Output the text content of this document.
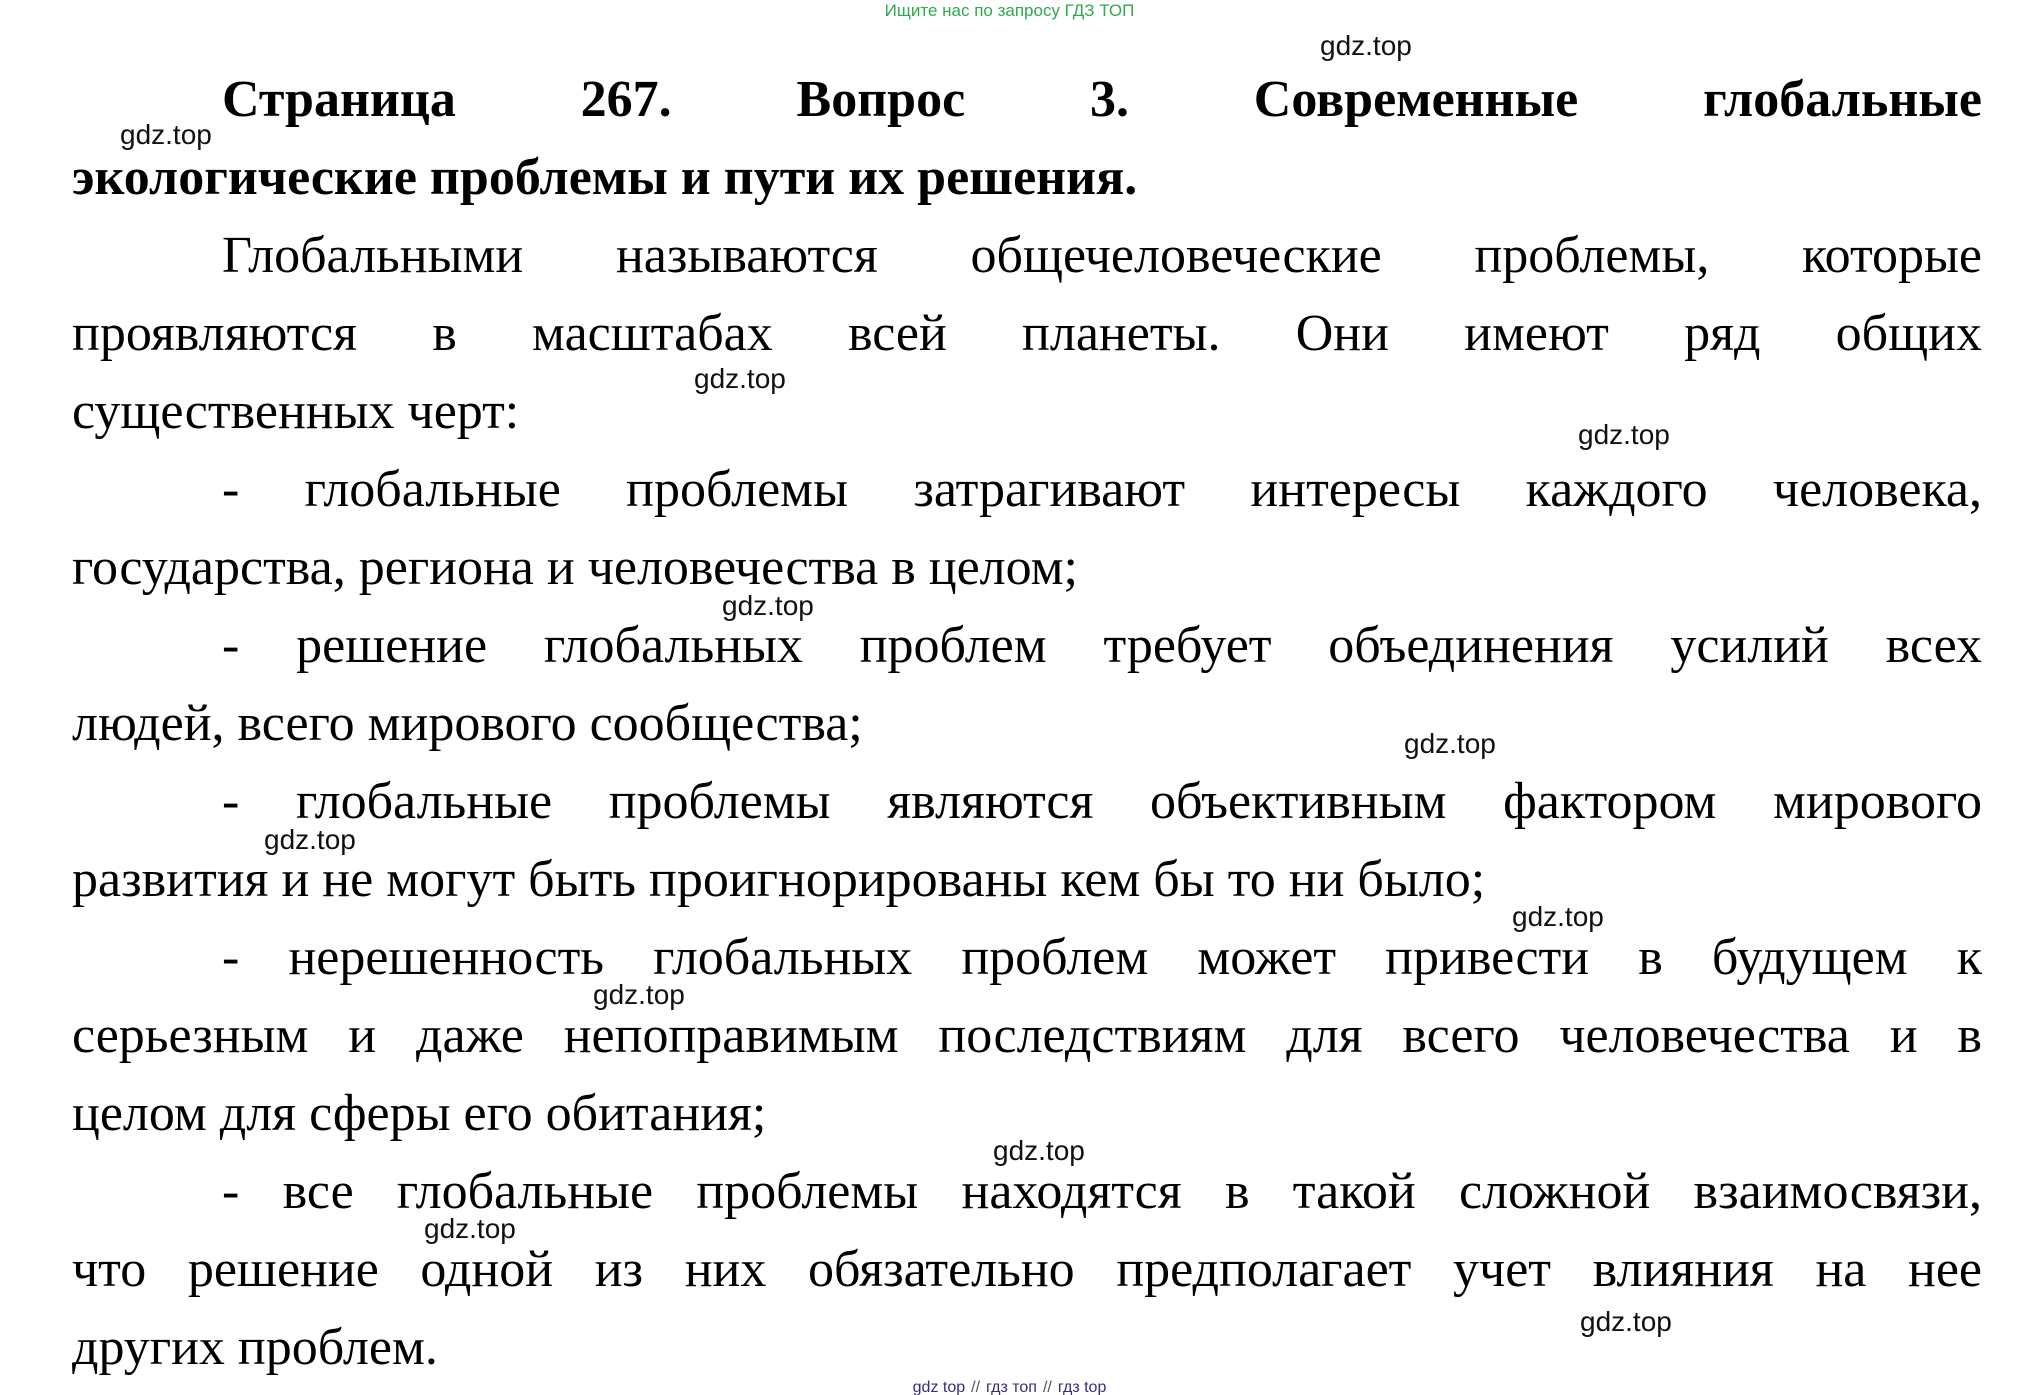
Ищите нас по запросу ГДЗ ТОП
Страница 267. Вопрос 3. Современные глобальные
экологические проблемы и пути их решения.
Глобальными называются общечеловеческие проблемы, которые
проявляются в масштабах всей планеты. Они имеют ряд общих
существенных черт:
- глобальные проблемы затрагивают интересы каждого человека,
государства, региона и человечества в целом;
- решение глобальных проблем требует объединения усилий всех
людей, всего мирового сообщества;
- глобальные проблемы являются объективным фактором мирового
развития и не могут быть проигнорированы кем бы то ни было;
- нерешенность глобальных проблем может привести в будущем к
серьезным и даже непоправимым последствиям для всего человечества и в
целом для сферы его обитания;
- все глобальные проблемы находятся в такой сложной взаимосвязи,
что решение одной из них обязательно предполагает учет влияния на нее
других проблем.
gdz.top
gdz.top
gdz.top
gdz.top
gdz.top
gdz.top
gdz.top
gdz.top
gdz.top
gdz.top
gdz.top
gdz.top
gdz top // гдз топ // гдз top
